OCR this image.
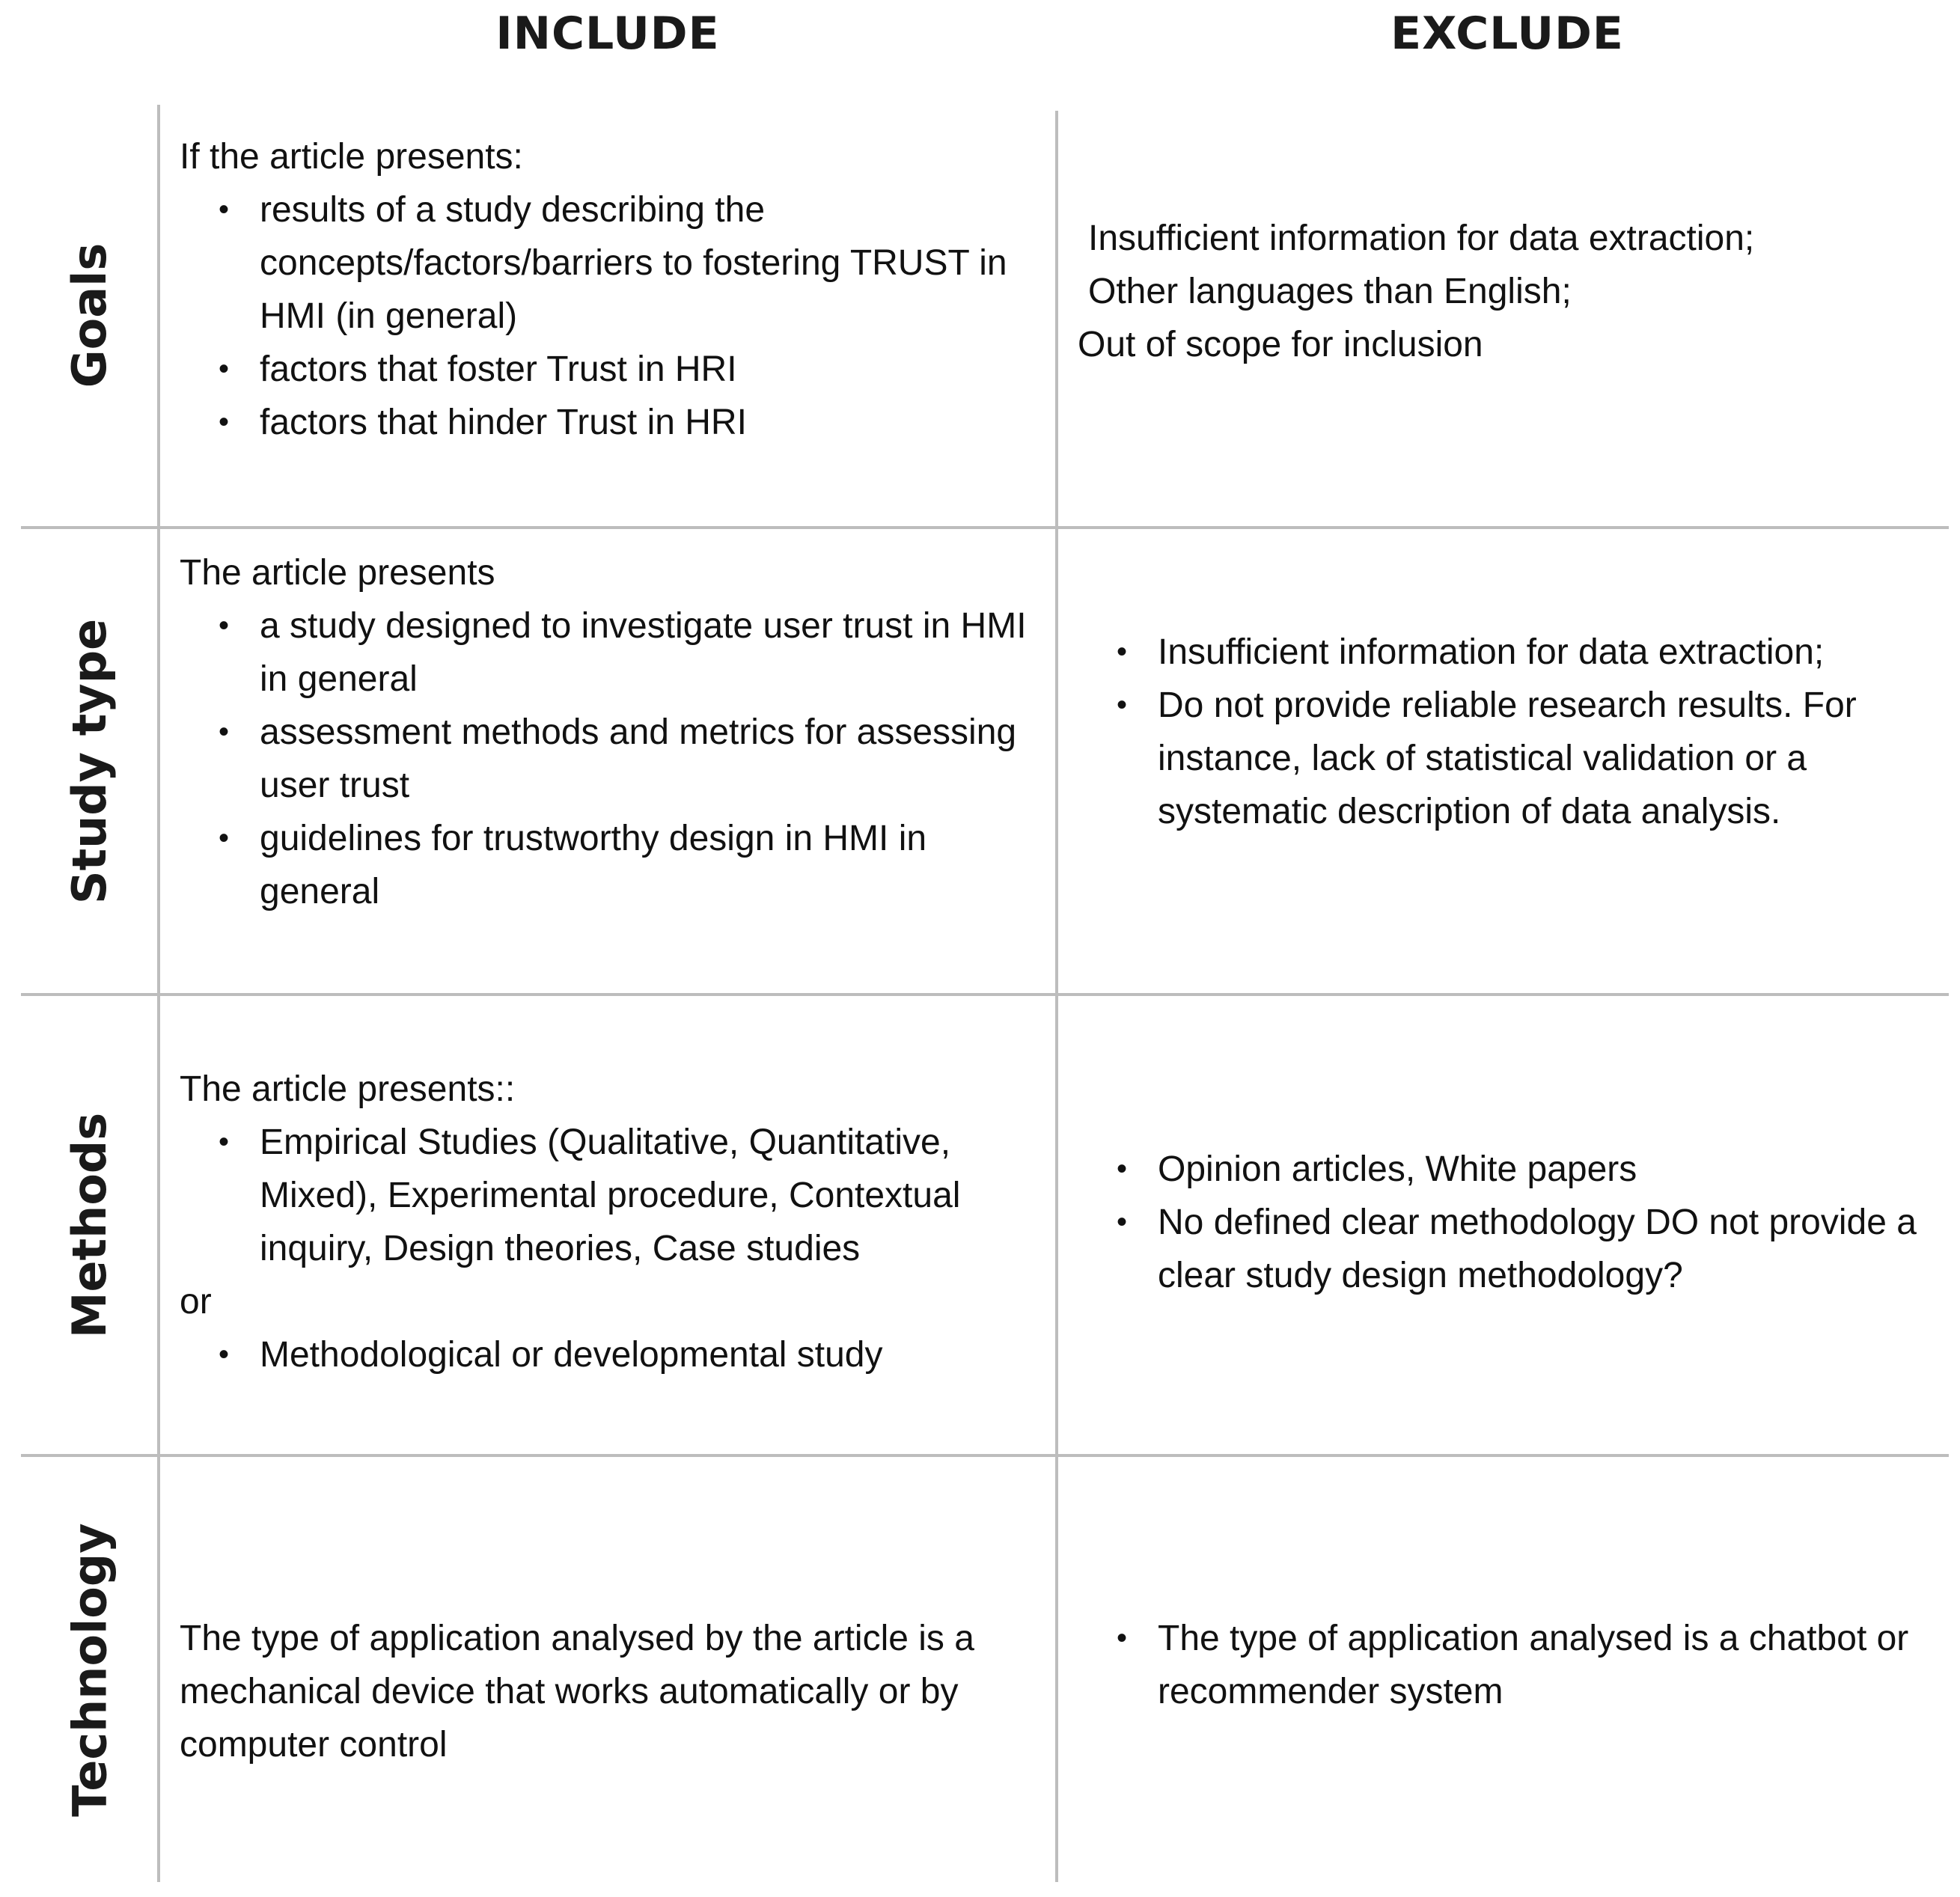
INCLUDE	EXCLUDE
Goals
Study type
Methods
Technology

If the article presents:

• results of a study describing the concepts/factors/barriers to fostering TRUST in HMI (in general)
• factors that foster Trust in HRI
• factors that hinder Trust in HRI

Insufficient information for data extraction;

Other languages than English;

Out of scope for inclusion

The article presents

• a study designed to investigate user trust in HMI in general
• assessment methods and metrics for assessing user trust
• guidelines for trustworthy design in HMI in general
• Insufficient information for data extraction;
• Do not provide reliable research results. For instance, lack of statistical validation or a systematic description of data analysis.

The article presents::

• Empirical Studies (Qualitative, Quantitative, Mixed), Experimental procedure, Contextual inquiry, Design theories, Case studies

or

• Methodological or developmental study
• Opinion articles, White papers
• No defined clear methodology DO not provide a clear study design methodology?

The type of application analysed by the article is a mechanical device that works automatically or by computer control

• The type of application analysed is a chatbot or recommender system
